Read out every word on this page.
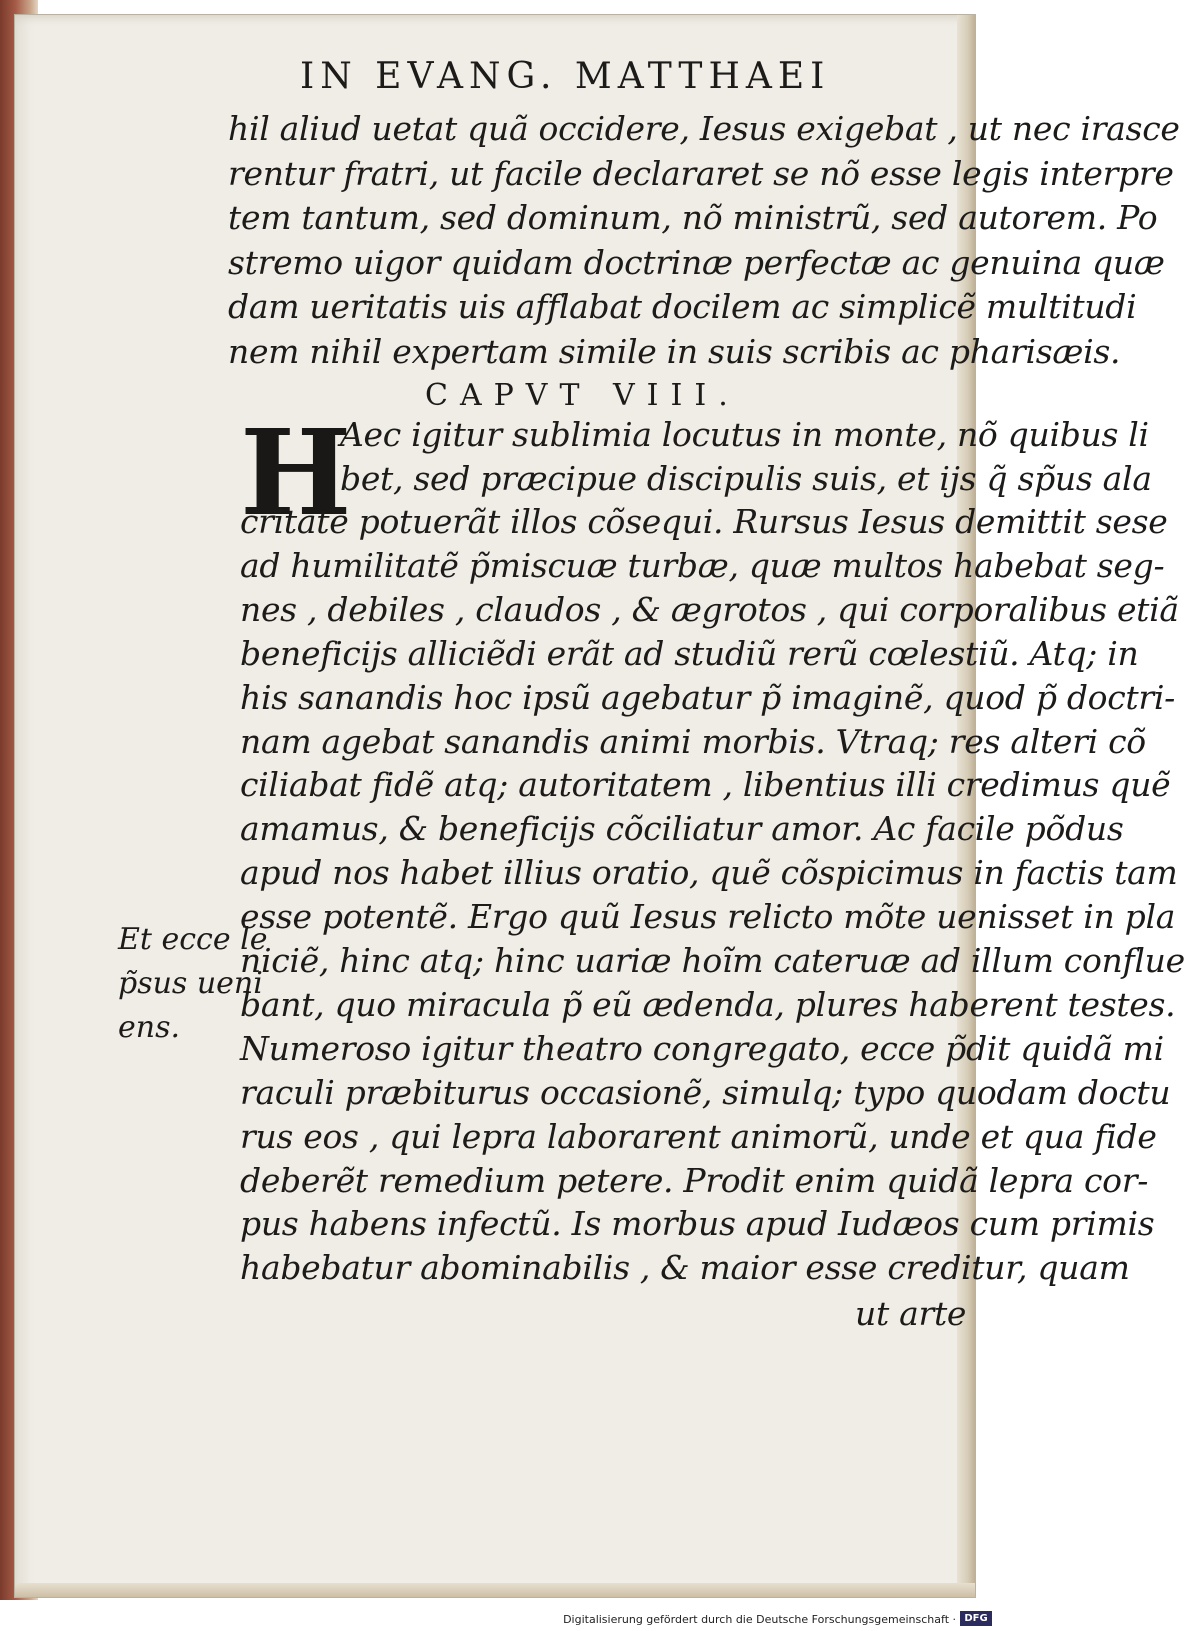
IN EVANG. MATTHAEI
hil aliud uetat quã occidere, Iesus exigebat , ut nec irasce
rentur fratri, ut facile declararet se nõ esse legis interpre
tem tantum, sed dominum, nõ ministrũ, sed autorem. Po
stremo uigor quidam doctrinæ perfectæ ac genuina quæ
dam ueritatis uis afflabat docilem ac simplicẽ multitudi
nem nihil expertam simile in suis scribis ac pharisæis.
CAPVT VIII.
H
Aec igitur sublimia locutus in monte, nõ quibus li
bet, sed præcipue discipulis suis, et ijs q̃ sp̃us ala
critate potuerãt illos cõsequi. Rursus Iesus demittit sese
ad humilitatẽ p̃miscuæ turbæ, quæ multos habebat seg-
nes , debiles , claudos , & ægrotos , qui corporalibus etiã
beneficijs alliciẽdi erãt ad studiũ rerũ cœlestiũ. Atq; in
his sanandis hoc ipsũ agebatur p̃ imaginẽ, quod p̃ doctri-
nam agebat sanandis animi morbis. Vtraq; res alteri cõ
ciliabat fidẽ atq; autoritatem , libentius illi credimus quẽ
amamus, & beneficijs cõciliatur amor. Ac facile põdus
apud nos habet illius oratio, quẽ cõspicimus in factis tam
esse potentẽ. Ergo quũ Iesus relicto mõte uenisset in pla
niciẽ, hinc atq; hinc uariæ hoĩm cateruæ ad illum conflue
bant, quo miracula p̃ eũ ædenda, plures haberent testes.
Numeroso igitur theatro congregato, ecce p̃dit quidã mi
raculi præbiturus occasionẽ, simulq; typo quodam doctu
rus eos , qui lepra laborarent animorũ, unde et qua fide
deberẽt remedium petere. Prodit enim quidã lepra cor-
pus habens infectũ. Is morbus apud Iudæos cum primis
habebatur abominabilis , & maior esse creditur, quam
ut arte
Et ecce le
p̃sus ueni
ens.
Digitalisierung gefördert durch die Deutsche Forschungsgemeinschaft · DFG
